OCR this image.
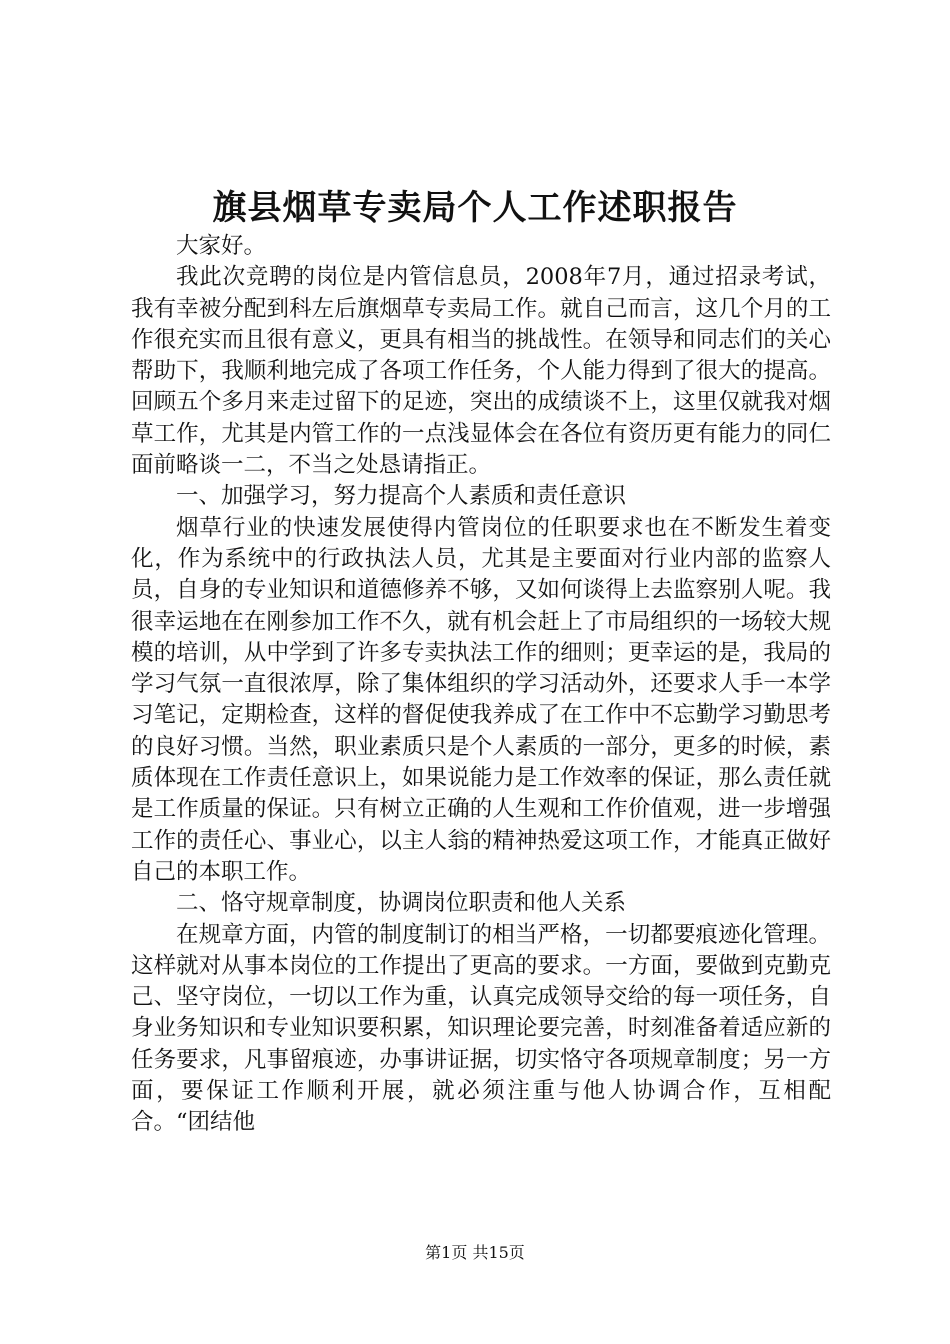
旗县烟草专卖局个人工作述职报告

大家好。

我此次竞聘的岗位是内管信息员，2008年7月，通过招录考试，我有幸被分配到科左后旗烟草专卖局工作。就自己而言，这几个月的工作很充实而且很有意义，更具有相当的挑战性。在领导和同志们的关心帮助下，我顺利地完成了各项工作任务，个人能力得到了很大的提高。回顾五个多月来走过留下的足迹，突出的成绩谈不上，这里仅就我对烟草工作，尤其是内管工作的一点浅显体会在各位有资历更有能力的同仁面前略谈一二，不当之处恳请指正。

一、加强学习，努力提高个人素质和责任意识

烟草行业的快速发展使得内管岗位的任职要求也在不断发生着变化，作为系统中的行政执法人员，尤其是主要面对行业内部的监察人员，自身的专业知识和道德修养不够，又如何谈得上去监察别人呢。我很幸运地在在刚参加工作不久，就有机会赶上了市局组织的一场较大规模的培训，从中学到了许多专卖执法工作的细则；更幸运的是，我局的学习气氛一直很浓厚，除了集体组织的学习活动外，还要求人手一本学习笔记，定期检查，这样的督促使我养成了在工作中不忘勤学习勤思考的良好习惯。当然，职业素质只是个人素质的一部分，更多的时候，素质体现在工作责任意识上，如果说能力是工作效率的保证，那么责任就是工作质量的保证。只有树立正确的人生观和工作价值观，进一步增强工作的责任心、事业心，以主人翁的精神热爱这项工作，才能真正做好自己的本职工作。

二、恪守规章制度，协调岗位职责和他人关系

在规章方面，内管的制度制订的相当严格，一切都要痕迹化管理。这样就对从事本岗位的工作提出了更高的要求。一方面，要做到克勤克己、坚守岗位，一切以工作为重，认真完成领导交给的每一项任务，自身业务知识和专业知识要积累，知识理论要完善，时刻准备着适应新的任务要求，凡事留痕迹，办事讲证据，切实恪守各项规章制度；另一方面，要保证工作顺利开展，就必须注重与他人协调合作，互相配合。“团结他

第1页 共15页
